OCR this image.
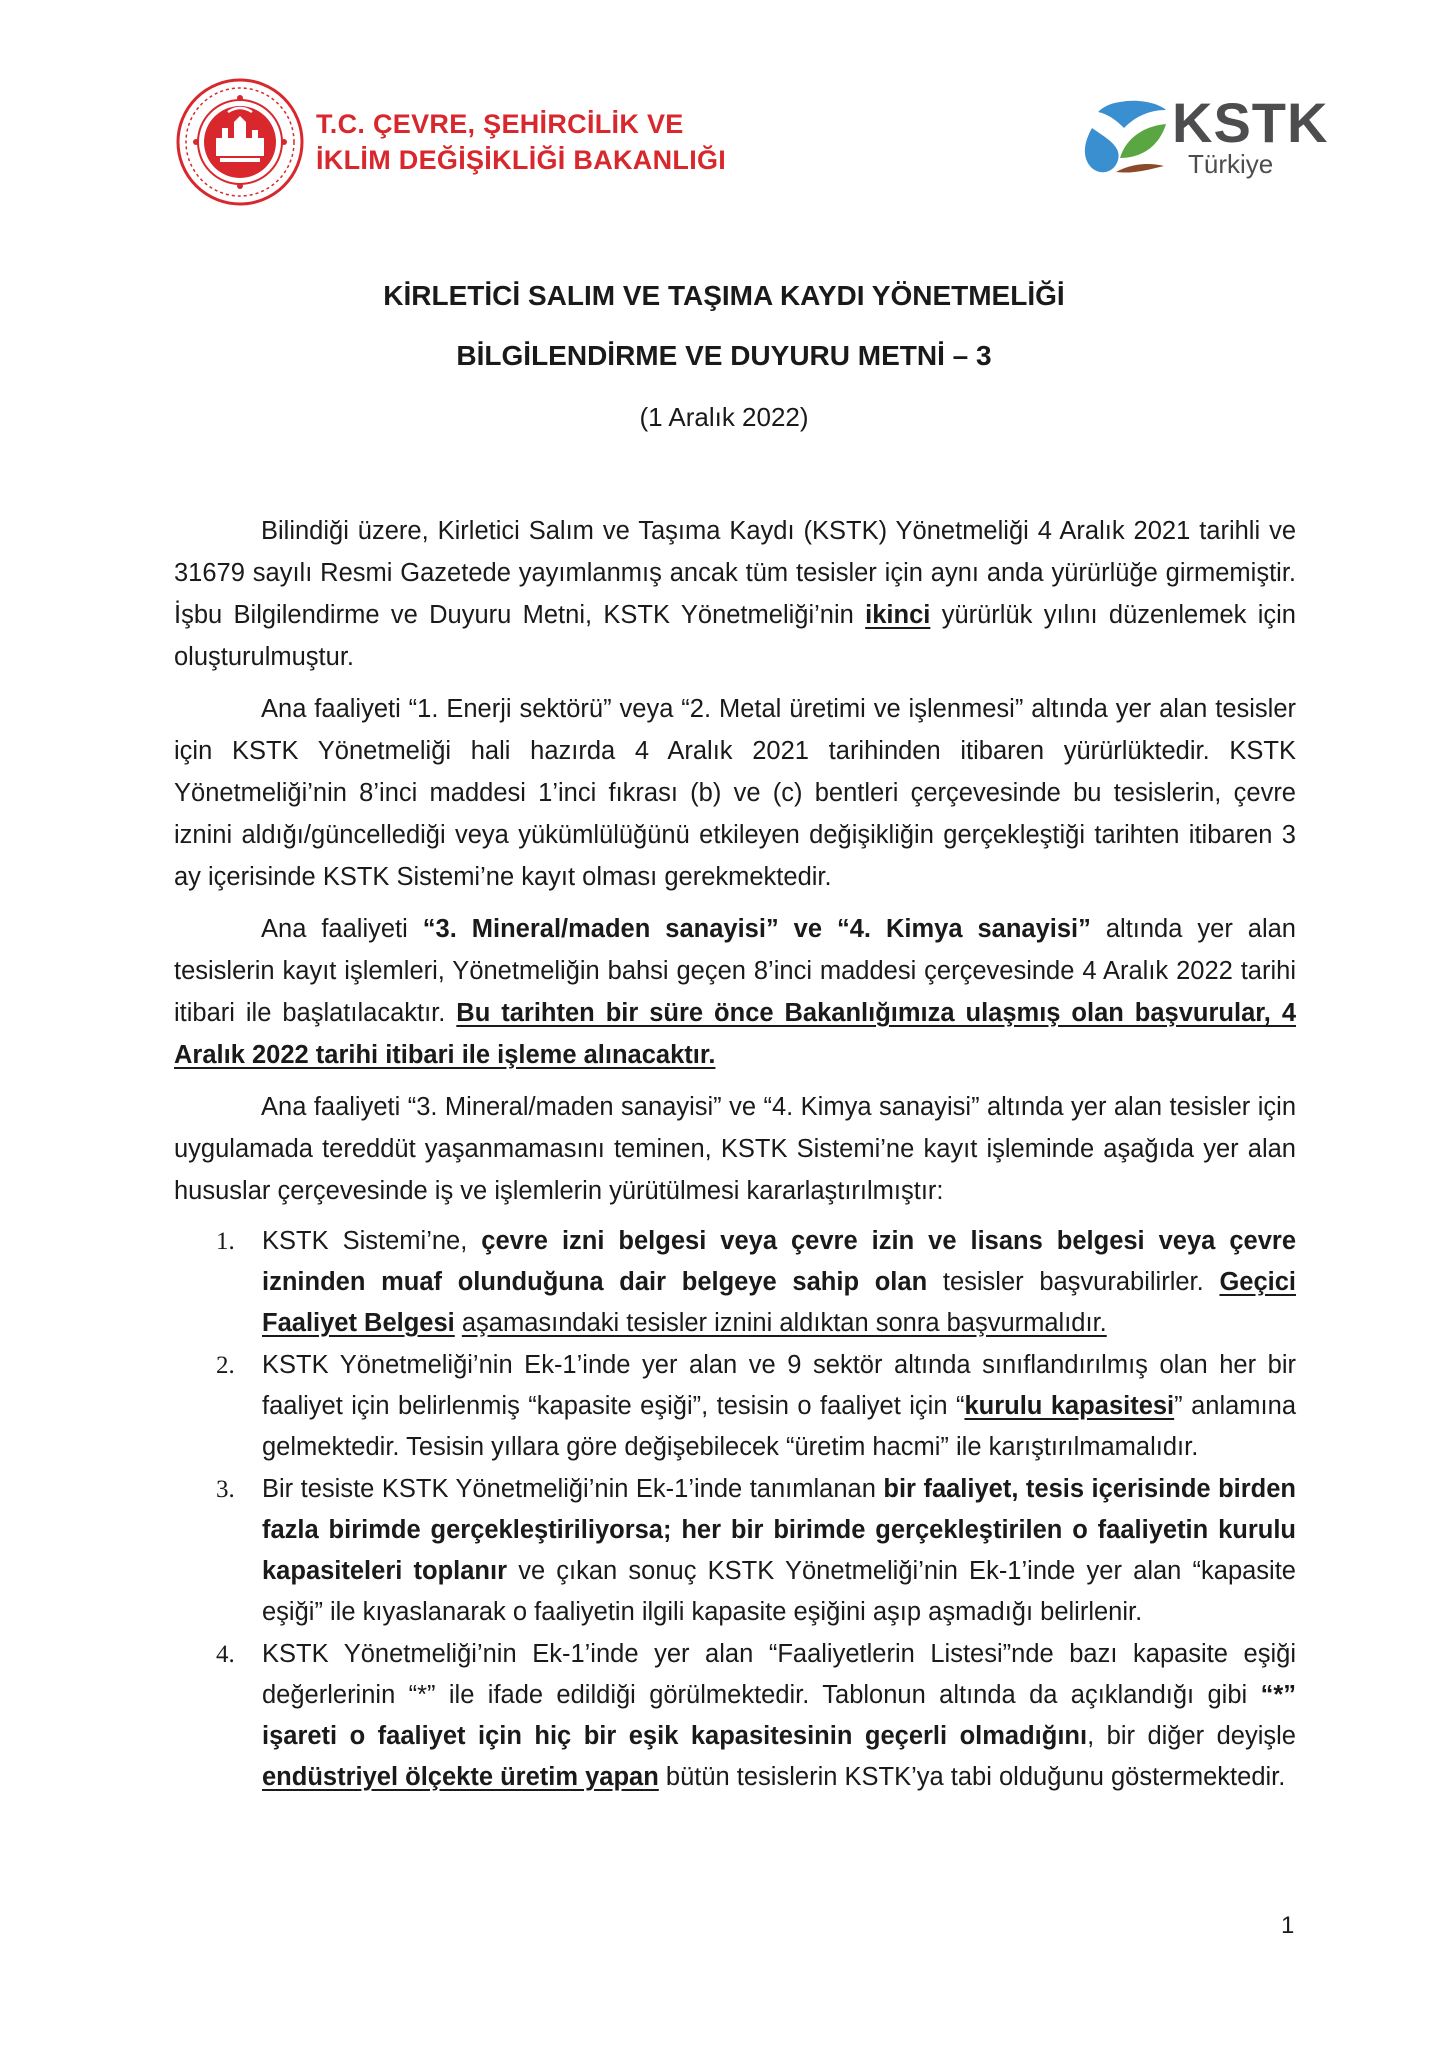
T.C. ÇEVRE, ŞEHİRCİLİK VE
İKLİM DEĞİŞİKLİĞİ BAKANLIĞI
KSTK
Türkiye
KİRLETİCİ SALIM VE TAŞIMA KAYDI YÖNETMELİĞİ
BİLGİLENDİRME VE DUYURU METNİ – 3
(1 Aralık 2022)

Bilindiği üzere, Kirletici Salım ve Taşıma Kaydı (KSTK) Yönetmeliği 4 Aralık 2021 tarihli ve 31679 sayılı Resmi Gazetede yayımlanmış ancak tüm tesisler için aynı anda yürürlüğe girmemiştir. İşbu Bilgilendirme ve Duyuru Metni, KSTK Yönetmeliği’nin ikinci yürürlük yılını düzenlemek için oluşturulmuştur.

Ana faaliyeti “1. Enerji sektörü” veya “2. Metal üretimi ve işlenmesi” altında yer alan tesisler için KSTK Yönetmeliği hali hazırda 4 Aralık 2021 tarihinden itibaren yürürlüktedir. KSTK Yönetmeliği’nin 8’inci maddesi 1’inci fıkrası (b) ve (c) bentleri çerçevesinde bu tesislerin, çevre iznini aldığı/güncellediği veya yükümlülüğünü etkileyen değişikliğin gerçekleştiği tarihten itibaren 3 ay içerisinde KSTK Sistemi’ne kayıt olması gerekmektedir.

Ana faaliyeti “3. Mineral/maden sanayisi” ve “4. Kimya sanayisi” altında yer alan tesislerin kayıt işlemleri, Yönetmeliğin bahsi geçen 8’inci maddesi çerçevesinde 4 Aralık 2022 tarihi itibari ile başlatılacaktır. Bu tarihten bir süre önce Bakanlığımıza ulaşmış olan başvurular, 4 Aralık 2022 tarihi itibari ile işleme alınacaktır.

Ana faaliyeti “3. Mineral/maden sanayisi” ve “4. Kimya sanayisi” altında yer alan tesisler için uygulamada tereddüt yaşanmamasını teminen, KSTK Sistemi’ne kayıt işleminde aşağıda yer alan hususlar çerçevesinde iş ve işlemlerin yürütülmesi kararlaştırılmıştır:

1. KSTK Sistemi’ne, çevre izni belgesi veya çevre izin ve lisans belgesi veya çevre izninden muaf olunduğuna dair belgeye sahip olan tesisler başvurabilirler. Geçici Faaliyet Belgesi aşamasındaki tesisler iznini aldıktan sonra başvurmalıdır.
2. KSTK Yönetmeliği’nin Ek-1’inde yer alan ve 9 sektör altında sınıflandırılmış olan her bir faaliyet için belirlenmiş “kapasite eşiği”, tesisin o faaliyet için “kurulu kapasitesi” anlamına gelmektedir. Tesisin yıllara göre değişebilecek “üretim hacmi” ile karıştırılmamalıdır.
3. Bir tesiste KSTK Yönetmeliği’nin Ek-1’inde tanımlanan bir faaliyet, tesis içerisinde birden fazla birimde gerçekleştiriliyorsa; her bir birimde gerçekleştirilen o faaliyetin kurulu kapasiteleri toplanır ve çıkan sonuç KSTK Yönetmeliği’nin Ek-1’inde yer alan “kapasite eşiği” ile kıyaslanarak o faaliyetin ilgili kapasite eşiğini aşıp aşmadığı belirlenir.
4. KSTK Yönetmeliği’nin Ek-1’inde yer alan “Faaliyetlerin Listesi”nde bazı kapasite eşiği değerlerinin “*” ile ifade edildiği görülmektedir. Tablonun altında da açıklandığı gibi “*” işareti o faaliyet için hiç bir eşik kapasitesinin geçerli olmadığını, bir diğer deyişle endüstriyel ölçekte üretim yapan bütün tesislerin KSTK’ya tabi olduğunu göstermektedir.
1
